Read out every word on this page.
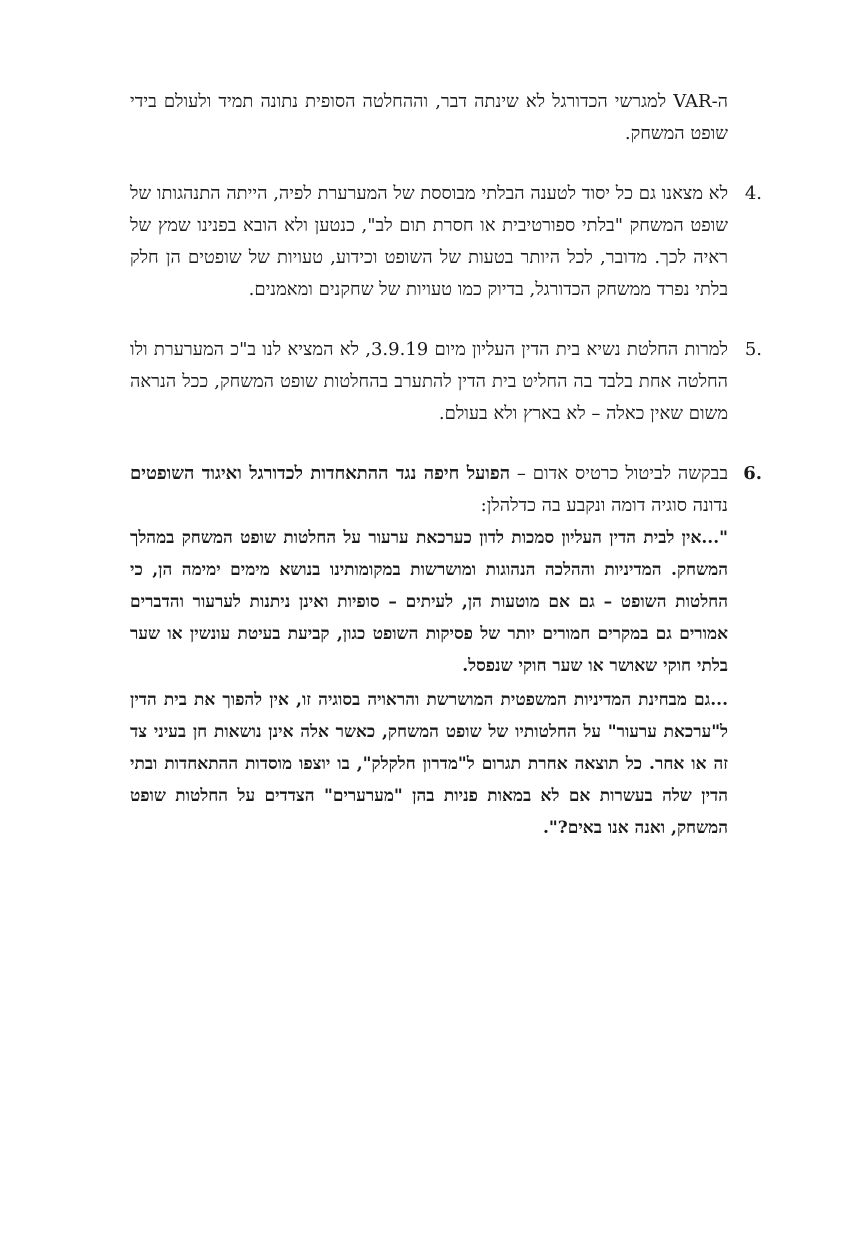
ה-VAR למגרשי הכדורגל לא שינתה דבר, וההחלטה הסופית נתונה תמיד ולעולם בידי שופט המשחק.

4.

לא מצאנו גם כל יסוד לטענה הבלתי מבוססת של המערערת לפיה, הייתה התנהגותו של שופט המשחק "בלתי ספורטיבית או חסרת תום לב", כנטען ולא הובא בפנינו שמץ של ראיה לכך. מדובר, לכל היותר בטעות של השופט וכידוע, טעויות של שופטים הן חלק בלתי נפרד ממשחק הכדורגל, בדיוק כמו טעויות של שחקנים ומאמנים.

5.

למרות החלטת נשיא בית הדין העליון מיום 3.9.19, לא המציא לנו ב"כ המערערת ולו החלטה אחת בלבד בה החליט בית הדין להתערב בהחלטות שופט המשחק, ככל הנראה משום שאין כאלה – לא בארץ ולא בעולם.

6.

בבקשה לביטול כרטיס אדום – הפועל חיפה נגד ההתאחדות לכדורגל ואיגוד השופטים נדונה סוגיה דומה ונקבע בה כדלהלן:

"...אין לבית הדין העליון סמכות לדון כערכאת ערעור על החלטות שופט המשחק במהלך המשחק. המדיניות וההלכה הנהוגות ומושרשות במקומותינו בנושא מימים ימימה הן, כי החלטות השופט – גם אם מוטעות הן, לעיתים – סופיות ואינן ניתנות לערעור והדברים אמורים גם במקרים חמורים יותר של פסיקות השופט כגון, קביעת בעיטת עונשין או שער בלתי חוקי שאושר או שער חוקי שנפסל.

...גם מבחינת המדיניות המשפטית המושרשת והראויה בסוגיה זו, אין להפוך את בית הדין ל"ערכאת ערעור" על החלטותיו של שופט המשחק, כאשר אלה אינן נושאות חן בעיני צד זה או אחר. כל תוצאה אחרת תגרום ל"מדרון חלקלק", בו יוצפו מוסדות ההתאחדות ובתי הדין שלה בעשרות אם לא במאות פניות בהן "מערערים" הצדדים על החלטות שופט המשחק, ואנה אנו באים?".
